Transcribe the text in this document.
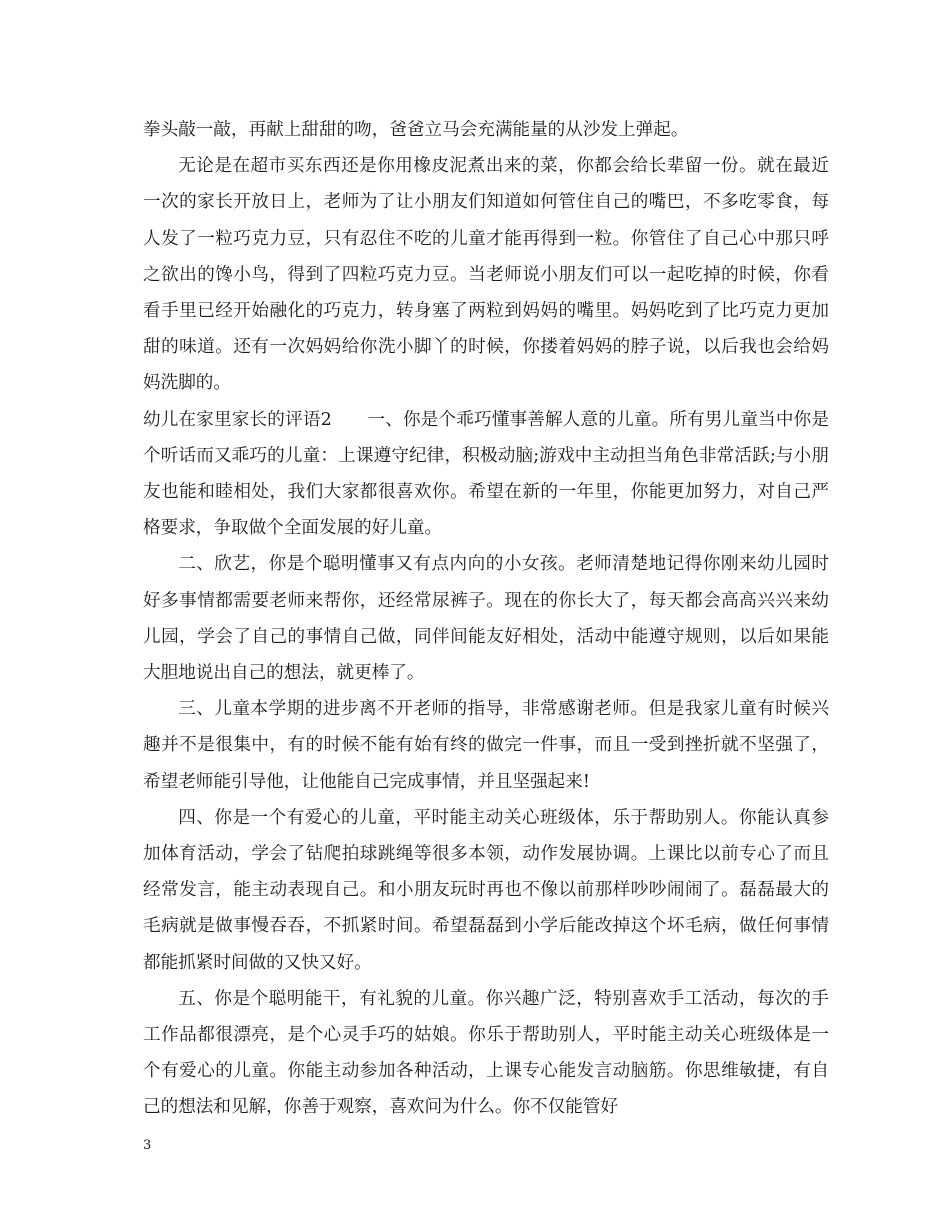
拳头敲一敲，再献上甜甜的吻，爸爸立马会充满能量的从沙发上弹起。

无论是在超市买东西还是你用橡皮泥煮出来的菜，你都会给长辈留一份。就在最近一次的家长开放日上，老师为了让小朋友们知道如何管住自己的嘴巴，不多吃零食，每人发了一粒巧克力豆，只有忍住不吃的儿童才能再得到一粒。你管住了自己心中那只呼之欲出的馋小鸟，得到了四粒巧克力豆。当老师说小朋友们可以一起吃掉的时候，你看看手里已经开始融化的巧克力，转身塞了两粒到妈妈的嘴里。妈妈吃到了比巧克力更加甜的味道。还有一次妈妈给你洗小脚丫的时候，你搂着妈妈的脖子说，以后我也会给妈妈洗脚的。

幼儿在家里家长的评语2　　一、你是个乖巧懂事善解人意的儿童。所有男儿童当中你是个听话而又乖巧的儿童：上课遵守纪律，积极动脑;游戏中主动担当角色非常活跃;与小朋友也能和睦相处，我们大家都很喜欢你。希望在新的一年里，你能更加努力，对自己严格要求，争取做个全面发展的好儿童。

二、欣艺，你是个聪明懂事又有点内向的小女孩。老师清楚地记得你刚来幼儿园时好多事情都需要老师来帮你，还经常尿裤子。现在的你长大了，每天都会高高兴兴来幼儿园，学会了自己的事情自己做，同伴间能友好相处，活动中能遵守规则，以后如果能大胆地说出自己的想法，就更棒了。

三、儿童本学期的进步离不开老师的指导，非常感谢老师。但是我家儿童有时候兴趣并不是很集中，有的时候不能有始有终的做完一件事，而且一受到挫折就不坚强了，希望老师能引导他，让他能自己完成事情，并且坚强起来!

四、你是一个有爱心的儿童，平时能主动关心班级体，乐于帮助别人。你能认真参加体育活动，学会了钻爬拍球跳绳等很多本领，动作发展协调。上课比以前专心了而且经常发言，能主动表现自己。和小朋友玩时再也不像以前那样吵吵闹闹了。磊磊最大的毛病就是做事慢吞吞，不抓紧时间。希望磊磊到小学后能改掉这个坏毛病，做任何事情都能抓紧时间做的又快又好。

五、你是个聪明能干，有礼貌的儿童。你兴趣广泛，特别喜欢手工活动，每次的手工作品都很漂亮，是个心灵手巧的姑娘。你乐于帮助别人，平时能主动关心班级体是一个有爱心的儿童。你能主动参加各种活动，上课专心能发言动脑筋。你思维敏捷，有自己的想法和见解，你善于观察，喜欢问为什么。你不仅能管好

3
